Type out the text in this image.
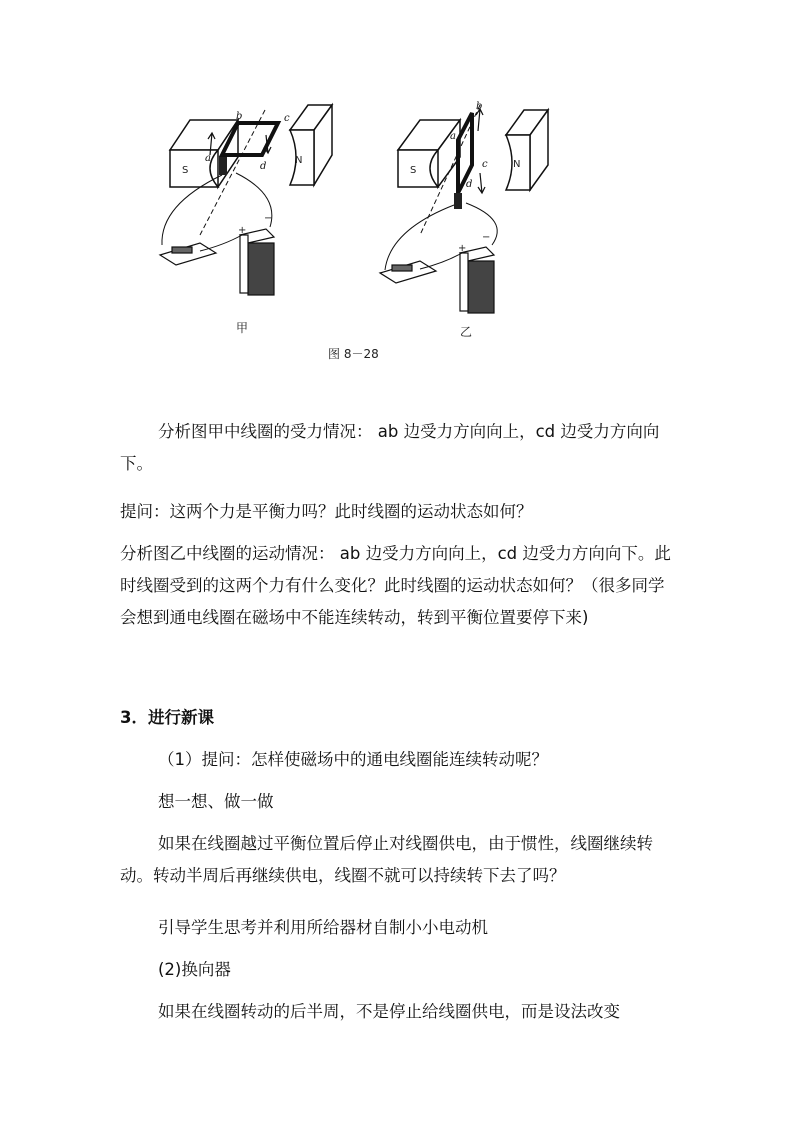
S
N
b	c
a
d
+
−
S
N
b
a
c
d
+
−
甲	乙
图 8－28
分析图甲中线圈的受力情况： ab 边受力方向向上，cd 边受力方向向下。
提问：这两个力是平衡力吗？此时线圈的运动状态如何？
分析图乙中线圈的运动情况： ab 边受力方向向上，cd 边受力方向向下。此时线圈受到的这两个力有什么变化？此时线圈的运动状态如何？（很多同学会想到通电线圈在磁场中不能连续转动，转到平衡位置要停下来)
3．进行新课
（1）提问：怎样使磁场中的通电线圈能连续转动呢？
想一想、做一做
如果在线圈越过平衡位置后停止对线圈供电，由于惯性，线圈继续转动。转动半周后再继续供电，线圈不就可以持续转下去了吗？
引导学生思考并利用所给器材自制小小电动机
(2)换向器
如果在线圈转动的后半周，不是停止给线圈供电，而是设法改变
